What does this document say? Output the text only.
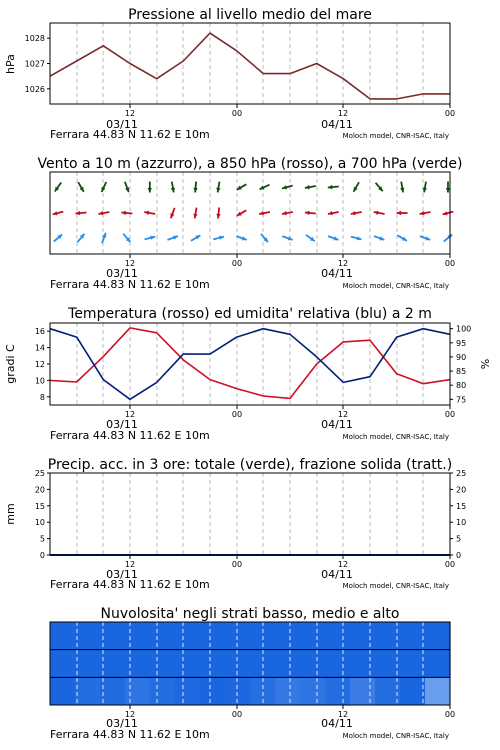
Pressione al livello medio del mare
hPa
1026
1027
1028
12	00	12	00
03/11	04/11
Ferrara 44.83 N 11.62 E 10m	Moloch model, CNR-ISAC, Italy
Vento a 10 m (azzurro), a 850 hPa (rosso), a 700 hPa (verde)
12	00	12	00
03/11	04/11
Ferrara 44.83 N 11.62 E 10m	Moloch model, CNR-ISAC, Italy
Temperatura (rosso) ed umidita' relativa (blu) a 2 m
gradi C	%
8
10
12
14
16
75
80
85
90
95
100
12	00	12	00
03/11	04/11
Ferrara 44.83 N 11.62 E 10m	Moloch model, CNR-ISAC, Italy
Precip. acc. in 3 ore: totale (verde), frazione solida (tratt.)
mm
0
5
10
15
20
25
0
5
10
15
20
25
12	00	12	00
03/11	04/11
Ferrara 44.83 N 11.62 E 10m	Moloch model, CNR-ISAC, Italy
Nuvolosita' negli strati basso, medio e alto
12	00	12	00
03/11	04/11
Ferrara 44.83 N 11.62 E 10m	Moloch model, CNR-ISAC, Italy
